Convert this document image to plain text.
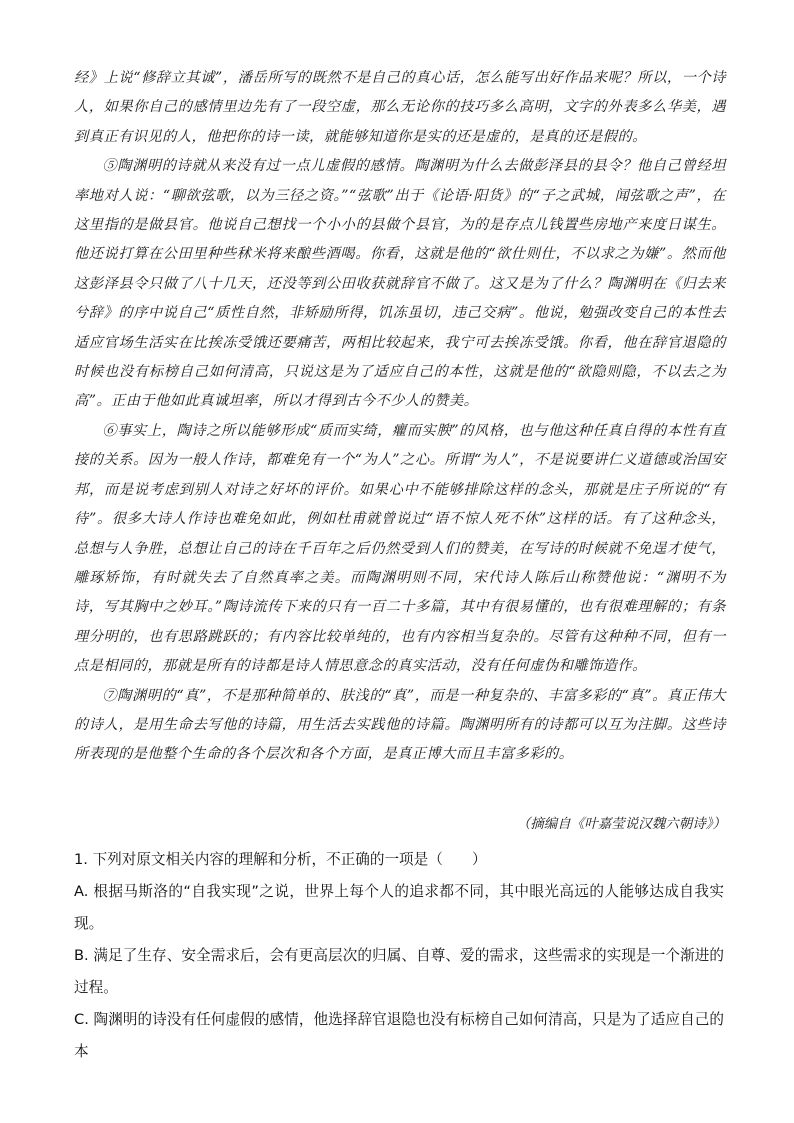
经》上说“修辞立其诚”，潘岳所写的既然不是自己的真心话，怎么能写出好作品来呢？所以，一个诗人，如果你自己的感情里边先有了一段空虚，那么无论你的技巧多么高明，文字的外表多么华美，遇到真正有识见的人，他把你的诗一读，就能够知道你是实的还是虚的，是真的还是假的。

⑤陶渊明的诗就从来没有过一点儿虚假的感情。陶渊明为什么去做彭泽县的县令？他自己曾经坦率地对人说：“聊欲弦歌，以为三径之资。”“弦歌”出于《论语·阳货》的“子之武城，闻弦歌之声”，在这里指的是做县官。他说自己想找一个小小的县做个县官，为的是存点儿钱置些房地产来度日谋生。他还说打算在公田里种些秫米将来酿些酒喝。你看，这就是他的“欲仕则仕，不以求之为嫌”。然而他这彭泽县令只做了八十几天，还没等到公田收获就辞官不做了。这又是为了什么？陶渊明在《归去来兮辞》的序中说自己“质性自然，非矫励所得，饥冻虽切，违己交病”。他说，勉强改变自己的本性去适应官场生活实在比挨冻受饿还要痛苦，两相比较起来，我宁可去挨冻受饿。你看，他在辞官退隐的时候也没有标榜自己如何清高，只说这是为了适应自己的本性，这就是他的“欲隐则隐，不以去之为高”。正由于他如此真诚坦率，所以才得到古今不少人的赞美。

⑥事实上，陶诗之所以能够形成“质而实绮，癯而实腴”的风格，也与他这种任真自得的本性有直接的关系。因为一般人作诗，都难免有一个“为人”之心。所谓“为人”，不是说要讲仁义道德或治国安邦，而是说考虑到别人对诗之好坏的评价。如果心中不能够排除这样的念头，那就是庄子所说的“有待”。很多大诗人作诗也难免如此，例如杜甫就曾说过“语不惊人死不休”这样的话。有了这种念头，总想与人争胜，总想让自己的诗在千百年之后仍然受到人们的赞美，在写诗的时候就不免逞才使气，雕琢矫饰，有时就失去了自然真率之美。而陶渊明则不同，宋代诗人陈后山称赞他说：“渊明不为诗，写其胸中之妙耳。”陶诗流传下来的只有一百二十多篇，其中有很易懂的，也有很难理解的；有条理分明的，也有思路跳跃的；有内容比较单纯的，也有内容相当复杂的。尽管有这种种不同，但有一点是相同的，那就是所有的诗都是诗人情思意念的真实活动，没有任何虚伪和雕饰造作。

⑦陶渊明的“真”，不是那种简单的、肤浅的“真”，而是一种复杂的、丰富多彩的“真”。真正伟大的诗人，是用生命去写他的诗篇，用生活去实践他的诗篇。陶渊明所有的诗都可以互为注脚。这些诗所表现的是他整个生命的各个层次和各个方面，是真正博大而且丰富多彩的。

（摘编自《叶嘉莹说汉魏六朝诗》）

1. 下列对原文相关内容的理解和分析，不正确的一项是（　　）

A. 根据马斯洛的“自我实现”之说，世界上每个人的追求都不同，其中眼光高远的人能够达成自我实现。

B. 满足了生存、安全需求后，会有更高层次的归属、自尊、爱的需求，这些需求的实现是一个渐进的过程。

C. 陶渊明的诗没有任何虚假的感情，他选择辞官退隐也没有标榜自己如何清高，只是为了适应自己的本
